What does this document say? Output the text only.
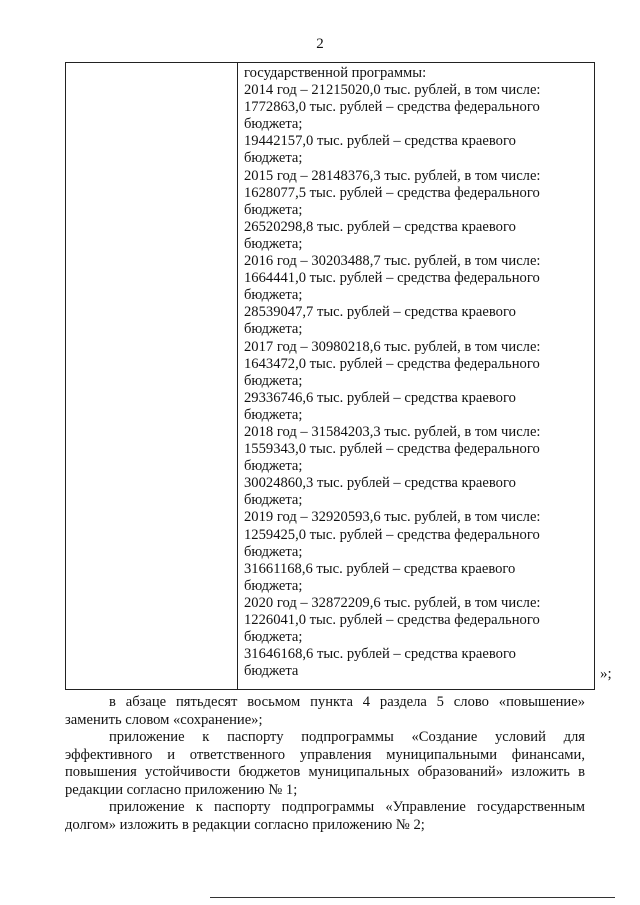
2
государственной программы:
2014 год – 21215020,0 тыс. рублей, в том числе:
1772863,0 тыс. рублей – средства федерального
бюджета;
19442157,0 тыс. рублей – средства краевого
бюджета;
2015 год – 28148376,3 тыс. рублей, в том числе:
1628077,5 тыс. рублей – средства федерального
бюджета;
26520298,8 тыс. рублей – средства краевого
бюджета;
2016 год – 30203488,7 тыс. рублей, в том числе:
1664441,0 тыс. рублей – средства федерального
бюджета;
28539047,7 тыс. рублей – средства краевого
бюджета;
2017 год – 30980218,6 тыс. рублей, в том числе:
1643472,0 тыс. рублей – средства федерального
бюджета;
29336746,6 тыс. рублей – средства краевого
бюджета;
2018 год – 31584203,3 тыс. рублей, в том числе:
1559343,0 тыс. рублей – средства федерального
бюджета;
30024860,3 тыс. рублей – средства краевого
бюджета;
2019 год – 32920593,6 тыс. рублей, в том числе:
1259425,0 тыс. рублей – средства федерального
бюджета;
31661168,6 тыс. рублей – средства краевого
бюджета;
2020 год – 32872209,6 тыс. рублей, в том числе:
1226041,0 тыс. рублей – средства федерального
бюджета;
31646168,6 тыс. рублей – средства краевого
бюджета	»;

в абзаце пятьдесят восьмом пункта 4 раздела 5 слово «повышение» заменить словом «сохранение»;

приложение к паспорту подпрограммы «Создание условий для эффективного и ответственного управления муниципальными финансами, повышения устойчивости бюджетов муниципальных образований» изложить в редакции согласно приложению № 1;

приложение к паспорту подпрограммы «Управление государственным долгом» изложить в редакции согласно приложению № 2;
